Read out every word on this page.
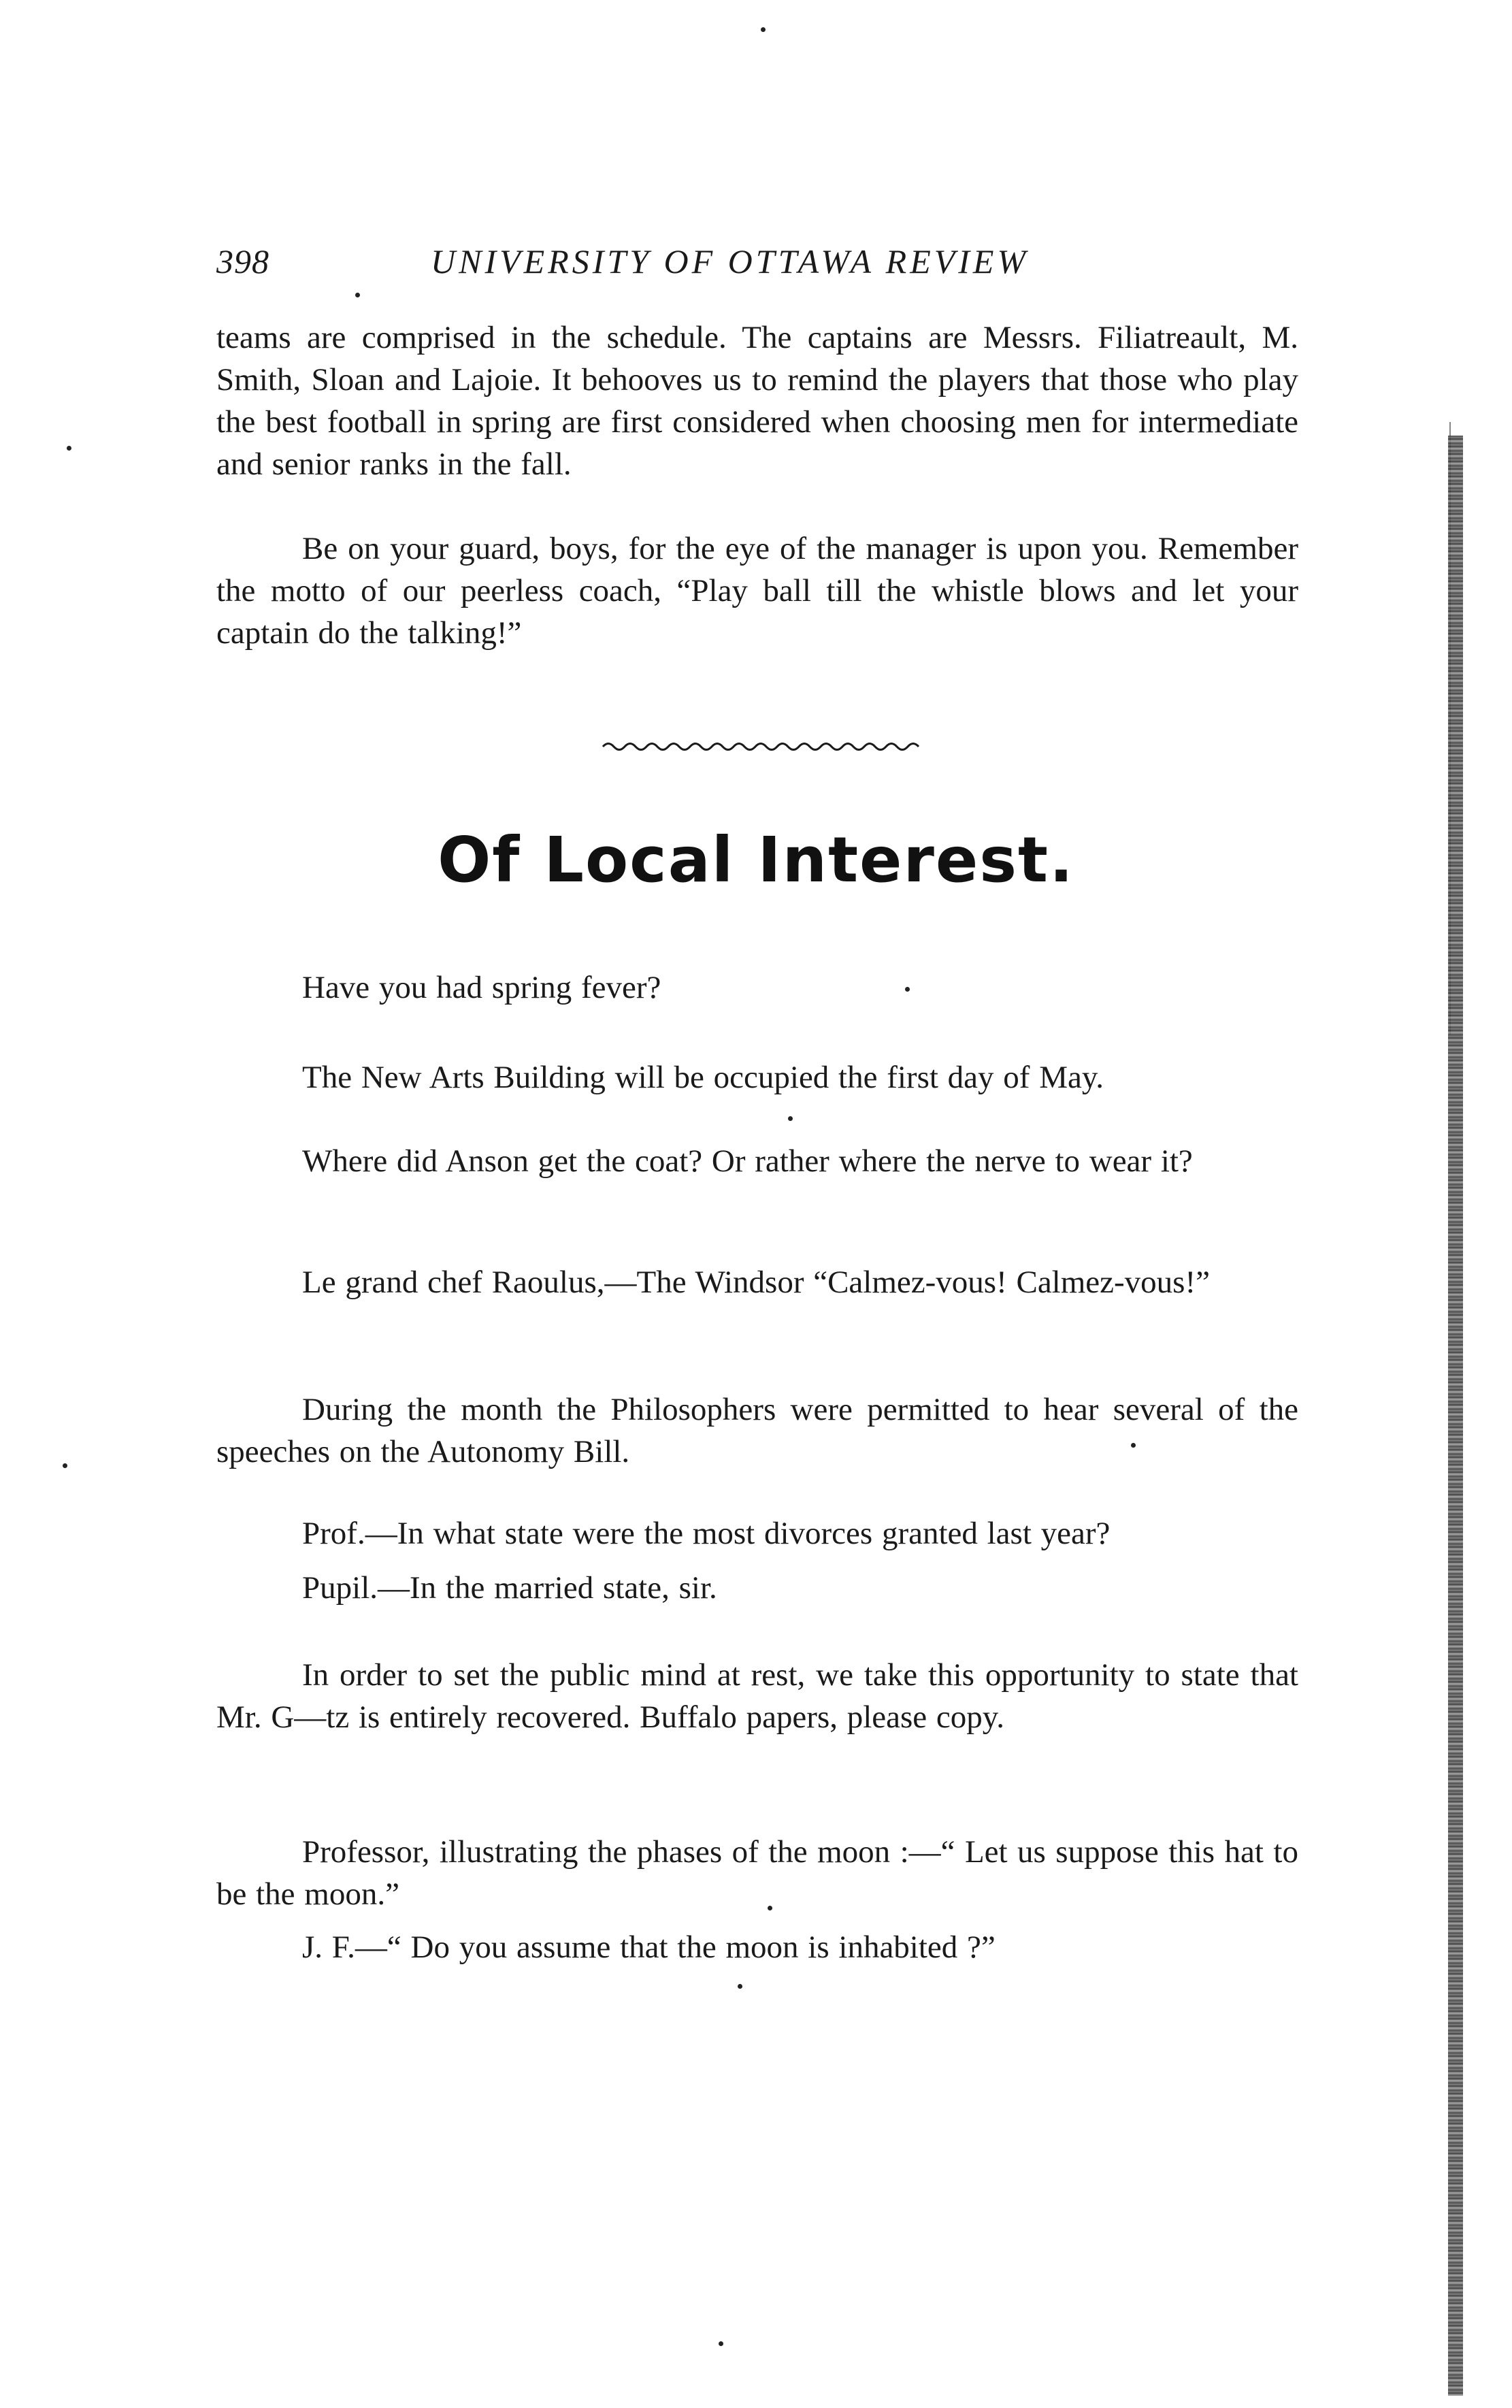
398	UNIVERSITY OF OTTAWA REVIEW

teams are comprised in the schedule. The captains are Messrs. Filiatreault, M. Smith, Sloan and Lajoie. It behooves us to remind the players that those who play the best football in spring are first considered when choosing men for intermediate and senior ranks in the fall.

Be on your guard, boys, for the eye of the manager is upon you. Remember the motto of our peerless coach, “Play ball till the whistle blows and let your captain do the talking!”

Of Local Interest.

Have you had spring fever?

The New Arts Building will be occupied the first day of May.

Where did Anson get the coat? Or rather where the nerve to wear it?

Le grand chef Raoulus,—The Windsor “Calmez-vous! Calmez-vous!”

During the month the Philosophers were permitted to hear several of the speeches on the Autonomy Bill.

Prof.—In what state were the most divorces granted last year?

Pupil.—In the married state, sir.

In order to set the public mind at rest, we take this opportunity to state that Mr. G—tz is entirely recovered. Buffalo papers, please copy.

Professor, illustrating the phases of the moon :—“ Let us suppose this hat to be the moon.”

J. F.—“ Do you assume that the moon is inhabited ?”
